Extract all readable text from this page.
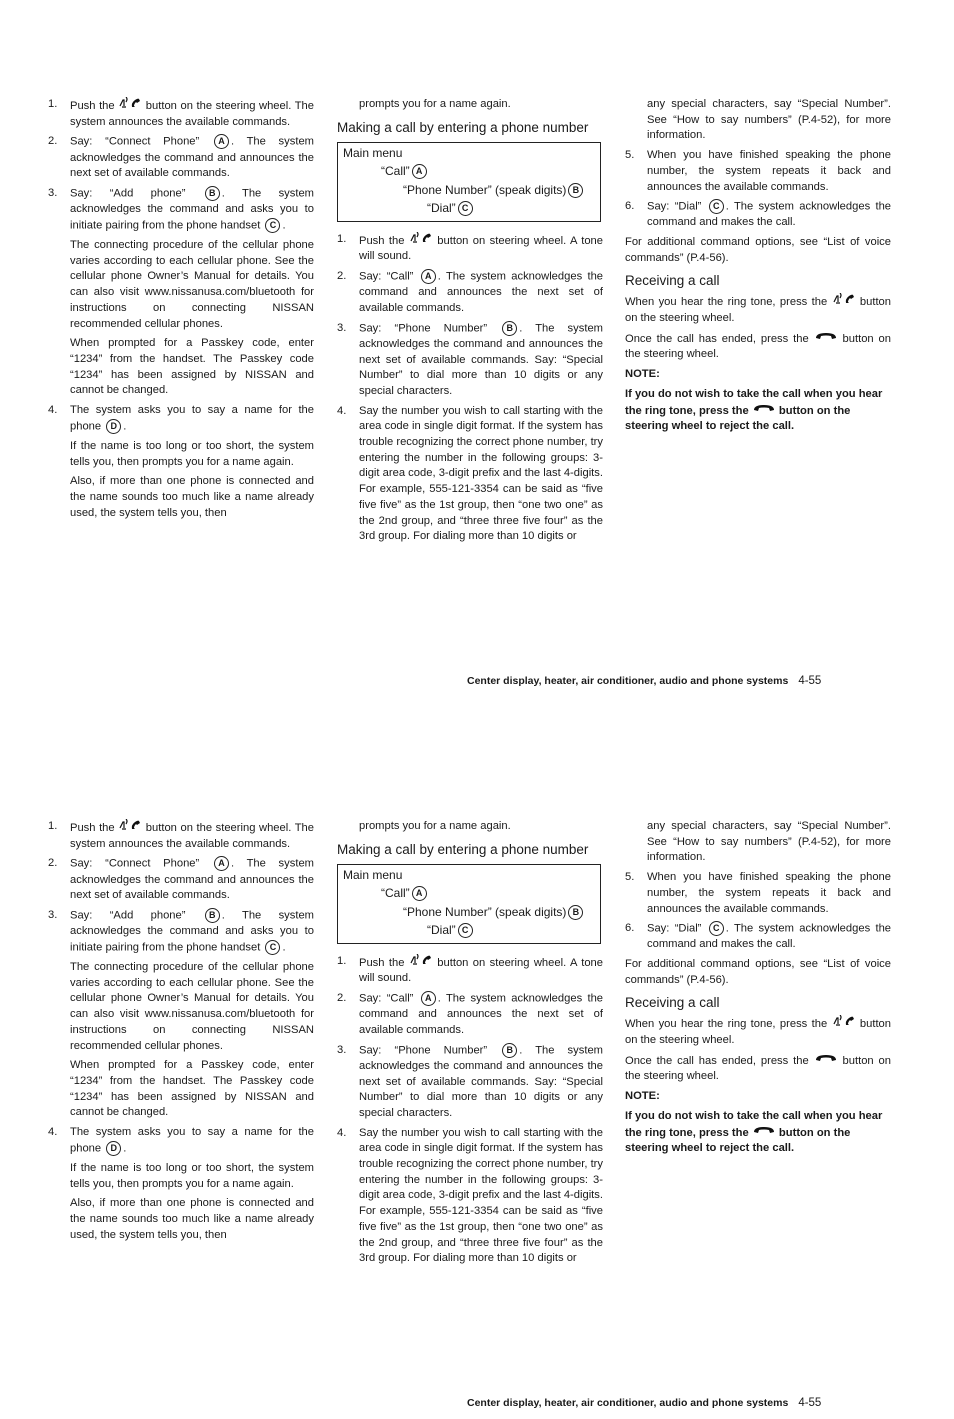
1.	Push the	button on the steering wheel. The system announces the available commands.
2.	Say: “Connect Phone” A . The system acknowledges the command and announces the next set of available commands.
3.	Say: “Add phone”	B . The system acknowledges the command and asks you to initiate pairing from the phone handset C .

The connecting procedure of the cellular phone varies according to each cellular phone. See the cellular phone Owner’s Manual for details. You can also visit www.nissanusa.com/bluetooth for instructions on connecting NISSAN recommended cellular phones.

When prompted for a Passkey code, enter “1234” from the handset. The Passkey code “1234” has been assigned by NISSAN and cannot be changed.

4.	The system asks you to say a name for the phone D .

If the name is too long or too short, the system tells you, then prompts you for a name again.

Also, if more than one phone is connected and the name sounds too much like a name already used, the system tells you, then

prompts you for a name again.

Making a call by entering a phone number
Main menu
“Call” A
“Phone Number” (speak digits) B
“Dial” C
1.	Push the	button on steering wheel. A tone will sound.
2.	Say: “Call” A . The system acknowledges the command and announces the next set of available commands.
3.	Say: “Phone Number” B . The system acknowledges the command and announces the next set of available commands. Say: “Special Number” to dial more than 10 digits or any special characters.
4.	Say the number you wish to call starting with the area code in single digit format. If the system has trouble recognizing the correct phone number, try entering the number in the following groups: 3-digit area code, 3-digit prefix and the last 4-digits. For example, 555-121-3354 can be said as “five five five” as the 1st group, then “one two one” as the 2nd group, and “three three five four” as the 3rd group. For dialing more than 10 digits or

any special characters, say “Special Number”. See “How to say numbers” (P.4-52), for more information.

5.	When you have finished speaking the phone number, the system repeats it back and announces the available commands.
6.	Say: “Dial” C . The system acknowledges the command and makes the call.

For additional command options, see “List of voice commands” (P.4-56).

Receiving a call

When you hear the ring tone, press the	button on the steering wheel.

Once the call has ended, press the	button on the steering wheel.

NOTE:

If you do not wish to take the call when you hear the ring tone, press the	button on the steering wheel to reject the call.

Center display, heater, air conditioner, audio and phone systems 4-55
1.	Push the	button on the steering wheel. The system announces the available commands.
2.	Say: “Connect Phone” A . The system acknowledges the command and announces the next set of available commands.
3.	Say: “Add phone”	B . The system acknowledges the command and asks you to initiate pairing from the phone handset C .

The connecting procedure of the cellular phone varies according to each cellular phone. See the cellular phone Owner’s Manual for details. You can also visit www.nissanusa.com/bluetooth for instructions on connecting NISSAN recommended cellular phones.

When prompted for a Passkey code, enter “1234” from the handset. The Passkey code “1234” has been assigned by NISSAN and cannot be changed.

4.	The system asks you to say a name for the phone D .

If the name is too long or too short, the system tells you, then prompts you for a name again.

Also, if more than one phone is connected and the name sounds too much like a name already used, the system tells you, then

prompts you for a name again.

Making a call by entering a phone number
Main menu
“Call” A
“Phone Number” (speak digits) B
“Dial” C
1.	Push the	button on steering wheel. A tone will sound.
2.	Say: “Call” A . The system acknowledges the command and announces the next set of available commands.
3.	Say: “Phone Number” B . The system acknowledges the command and announces the next set of available commands. Say: “Special Number” to dial more than 10 digits or any special characters.
4.	Say the number you wish to call starting with the area code in single digit format. If the system has trouble recognizing the correct phone number, try entering the number in the following groups: 3-digit area code, 3-digit prefix and the last 4-digits. For example, 555-121-3354 can be said as “five five five” as the 1st group, then “one two one” as the 2nd group, and “three three five four” as the 3rd group. For dialing more than 10 digits or

any special characters, say “Special Number”. See “How to say numbers” (P.4-52), for more information.

5.	When you have finished speaking the phone number, the system repeats it back and announces the available commands.
6.	Say: “Dial” C . The system acknowledges the command and makes the call.

For additional command options, see “List of voice commands” (P.4-56).

Receiving a call

When you hear the ring tone, press the	button on the steering wheel.

Once the call has ended, press the	button on the steering wheel.

NOTE:

If you do not wish to take the call when you hear the ring tone, press the	button on the steering wheel to reject the call.

Center display, heater, air conditioner, audio and phone systems 4-55
